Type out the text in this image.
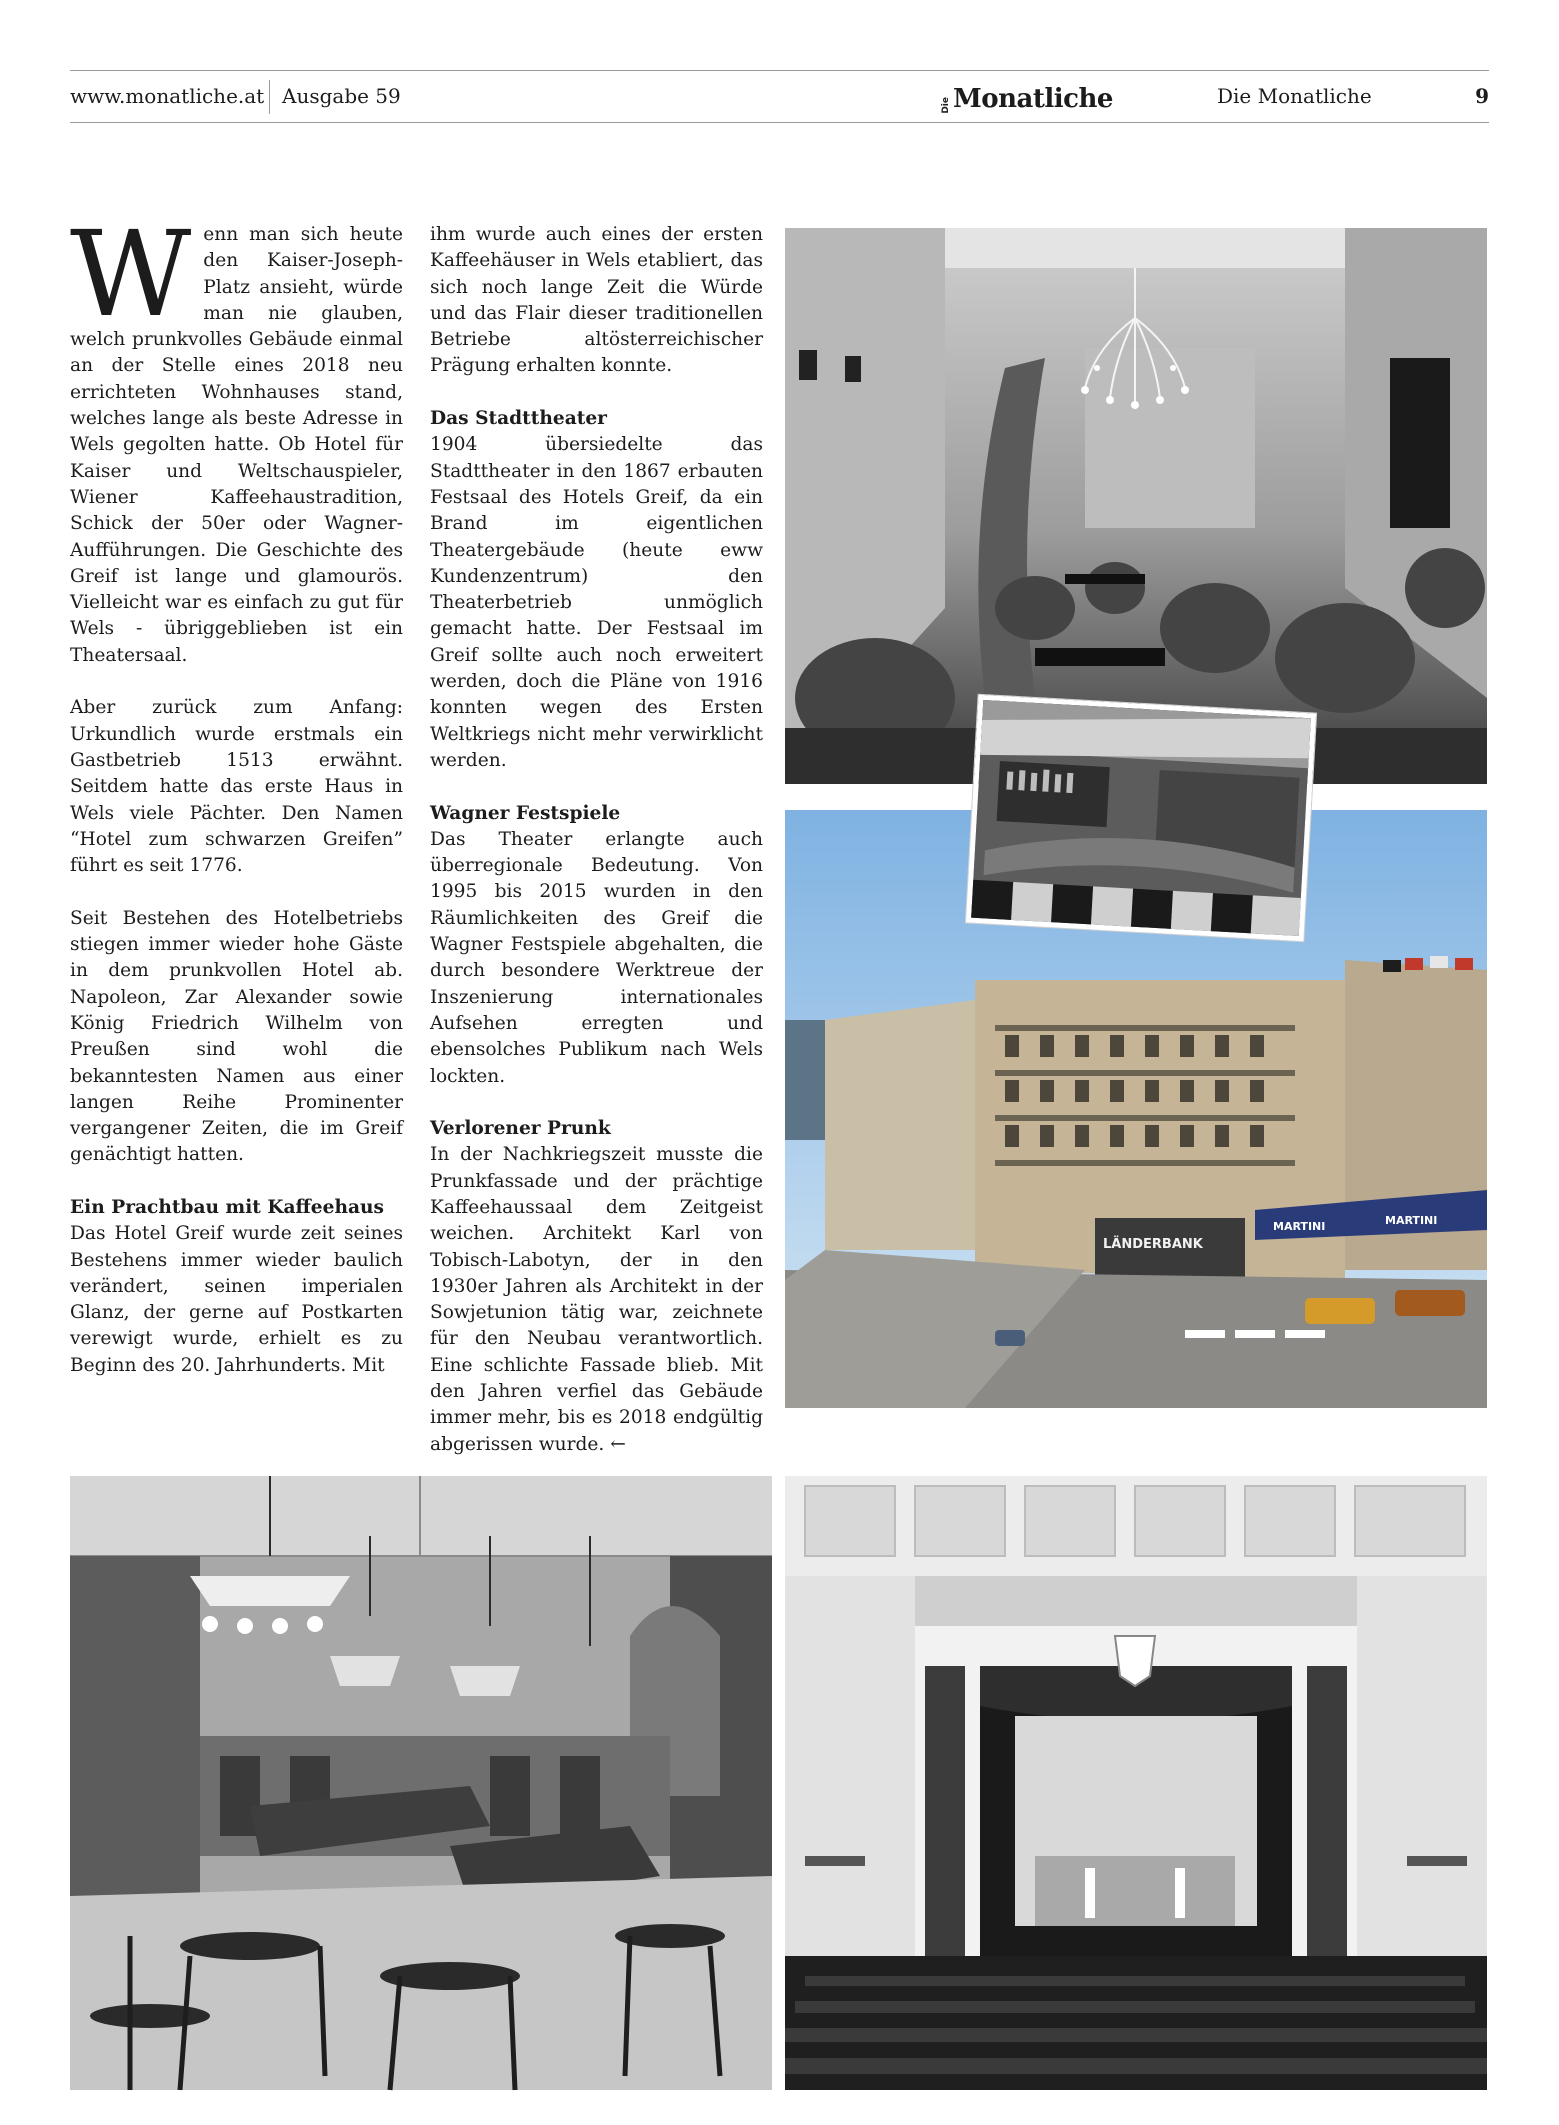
www.monatliche.at Ausgabe 59	Die Monatliche	Die Monatliche	9

Wenn man sich heute den Kaiser-Joseph-Platz ansieht, würde man nie glauben, welch prunkvolles Gebäude einmal an der Stelle eines 2018 neu errichteten Wohnhauses stand, welches lange als beste Adresse in Wels gegolten hatte. Ob Hotel für Kaiser und Weltschauspieler, Wiener Kaffeehaustradition, Schick der 50er oder Wagner-Aufführungen. Die Geschichte des Greif ist lange und glamourös. Vielleicht war es einfach zu gut für Wels - übriggeblieben ist ein Theatersaal.

Aber zurück zum Anfang: Urkundlich wurde erstmals ein Gastbetrieb 1513 erwähnt. Seitdem hatte das erste Haus in Wels viele Pächter. Den Namen “Hotel zum schwarzen Greifen” führt es seit 1776.

Seit Bestehen des Hotelbetriebs stiegen immer wieder hohe Gäste in dem prunkvollen Hotel ab. Napoleon, Zar Alexander sowie König Friedrich Wilhelm von Preußen sind wohl die bekanntesten Namen aus einer langen Reihe Prominenter vergangener Zeiten, die im Greif genächtigt hatten.

Ein Prachtbau mit Kaffeehaus

Das Hotel Greif wurde zeit seines Bestehens immer wieder baulich verändert, seinen imperialen Glanz, der gerne auf Postkarten verewigt wurde, erhielt es zu Beginn des 20. Jahrhunderts. Mit

ihm wurde auch eines der ersten Kaffeehäuser in Wels etabliert, das sich noch lange Zeit die Würde und das Flair dieser traditionellen Betriebe altösterreichischer Prägung erhalten konnte.

Das Stadttheater

1904 übersiedelte das Stadttheater in den 1867 erbauten Festsaal des Hotels Greif, da ein Brand im eigentlichen Theatergebäude (heute eww Kundenzentrum) den Theaterbetrieb unmöglich gemacht hatte. Der Festsaal im Greif sollte auch noch erweitert werden, doch die Pläne von 1916 konnten wegen des Ersten Weltkriegs nicht mehr verwirklicht werden.

Wagner Festspiele

Das Theater erlangte auch überregionale Bedeutung. Von 1995 bis 2015 wurden in den Räumlichkeiten des Greif die Wagner Festspiele abgehalten, die durch besondere Werktreue der Inszenierung internationales Aufsehen erregten und ebensolches Publikum nach Wels lockten.

Verlorener Prunk

In der Nachkriegszeit musste die Prunkfassade und der prächtige Kaffeehaussaal dem Zeitgeist weichen. Architekt Karl von Tobisch-Labotyn, der in den 1930er Jahren als Architekt in der Sowjetunion tätig war, zeichnete für den Neubau verantwortlich. Eine schlichte Fassade blieb. Mit den Jahren verfiel das Gebäude immer mehr, bis es 2018 endgültig abgerissen wurde. ←

LÄNDERBANK
MARTINI	MARTINI
